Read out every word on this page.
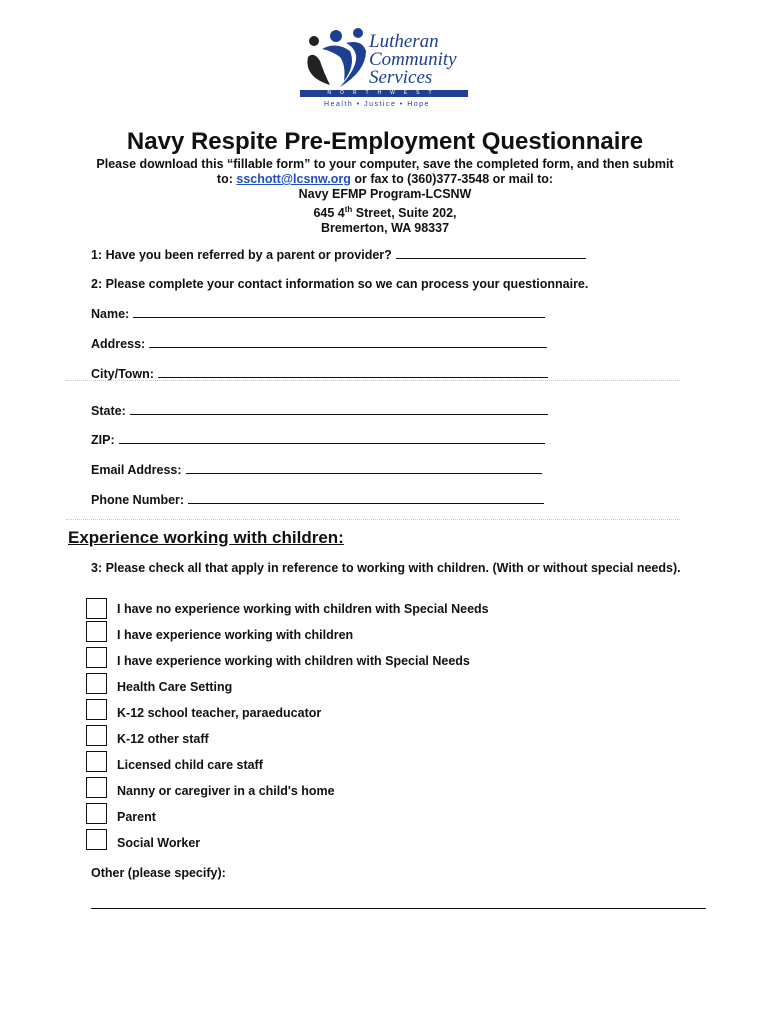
Lutheran
Community
Services
NORTHWEST
Health • Justice • Hope
Navy Respite Pre-Employment Questionnaire
Please download this “fillable form” to your computer, save the completed form, and then submit
to: sschott@lcsnw.org or fax to (360)377-3548 or mail to:
Navy EFMP Program-LCSNW
645 4th Street, Suite 202,
Bremerton, WA 98337
1: Have you been referred by a parent or provider?
2: Please complete your contact information so we can process your questionnaire.
Name:
Address:
City/Town:
State:
ZIP:
Email Address:
Phone Number:
Experience working with children:
3: Please check all that apply in reference to working with children. (With or without special needs).
I have no experience working with children with Special Needs
I have experience working with children
I have experience working with children with Special Needs
Health Care Setting
K-12 school teacher, paraeducator
K-12 other staff
Licensed child care staff
Nanny or caregiver in a child's home
Parent
Social Worker
Other (please specify):
